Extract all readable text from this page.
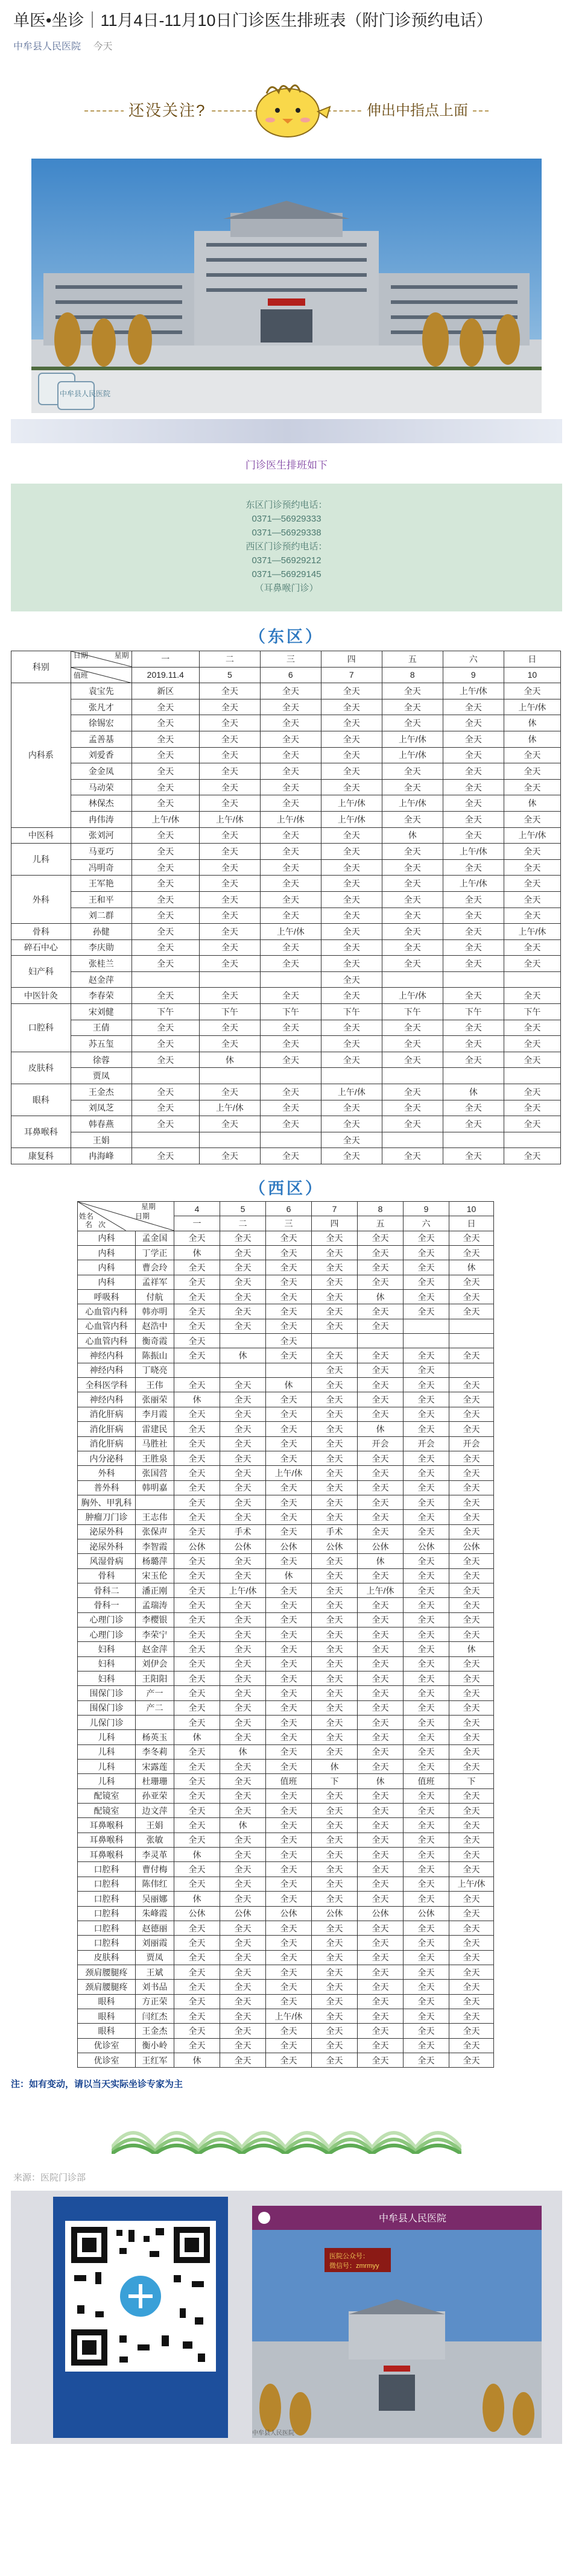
单医•坐诊｜11月4日-11月10日门诊医生排班表（附门诊预约电话）
中牟县人民医院 今天
还没关注?	伸出中指点上面
中牟县人民医院
门诊医生排班如下
东区门诊预约电话：
0371—56929333
0371—56929338
西区门诊预约电话：
0371—56929212
0371—56929145
（耳鼻喉门诊）
（东区）
科别	日期 星期	一	二	三	四	五	六	日

	值班	2019.11.4	5	6	7	8	9	10
内科系	袁宝先	新区	全天	全天	全天	全天	上午/休	全天
	张凡才	全天	全天	全天	全天	全天	全天	上午/休
	徐锡宏	全天	全天	全天	全天	全天	全天	休
	孟善基	全天	全天	全天	全天	上午/休	全天	休
	刘爱香	全天	全天	全天	全天	上午/休	全天	全天
	金金凤	全天	全天	全天	全天	全天	全天	全天
	马动荣	全天	全天	全天	全天	全天	全天	全天
	林保杰	全天	全天	全天	上午/休	上午/休	全天	休
	冉伟涛	上午/休	上午/休	上午/休	上午/休	全天	全天	全天
中医科	张刘河	全天	全天	全天	全天	休	全天	上午/休
儿科	马亚巧	全天	全天	全天	全天	全天	上午/休	全天
	冯明奇	全天	全天	全天	全天	全天	全天	全天
外科	王军艳	全天	全天	全天	全天	全天	上午/休	全天
	王和平	全天	全天	全天	全天	全天	全天	全天
	刘二群	全天	全天	全天	全天	全天	全天	全天
骨科	孙健	全天	全天	上午/休	全天	全天	全天	上午/休
碎石中心	李庆勋	全天	全天	全天	全天	全天	全天	全天
妇产科	张桂兰	全天	全天	全天	全天	全天	全天	全天
	赵金萍				全天			
中医针灸	李春荣	全天	全天	全天	全天	上午/休	全天	全天
口腔科	宋刘健	下午	下午	下午	下午	下午	下午	下午
	王倩	全天	全天	全天	全天	全天	全天	全天
	苏五玺	全天	全天	全天	全天	全天	全天	全天
皮肤科	徐蓉	全天	休	全天	全天	全天	全天	全天
	贾凤							
眼科	王金杰	全天	全天	全天	上午/休	全天	休	全天
	刘凤芝	全天	上午/休	全天	全天	全天	全天	全天
耳鼻喉科	韩春燕	全天	全天	全天	全天	全天	全天	全天
	王娟				全天			
康复科	冉海峰	全天	全天	全天	全天	全天	全天	全天
（西区）
星期
日期
姓名
次
名		4	5	6	7	8	9	10
		一	二	三	四	五	六	日
内科	孟金国	全天	全天	全天	全天	全天	全天	全天
内科	丁学正	休	全天	全天	全天	全天	全天	全天
内科	曹会玲	全天	全天	全天	全天	全天	全天	休
内科	孟祥军	全天	全天	全天	全天	全天	全天	全天
呼吸科	付航	全天	全天	全天	全天	休	全天	全天
心血管内科	韩亦明	全天	全天	全天	全天	全天	全天	全天
心血管内科	赵浩中	全天	全天	全天	全天	全天		
心血管内科	衡奇霞	全天		全天				
神经内科	陈振山	全天	休	全天	全天	全天	全天	全天
神经内科	丁晓亮				全天	全天	全天	
全科医学科	王伟	全天	全天	休	全天	全天	全天	全天
神经内科	张丽荣	休	全天	全天	全天	全天	全天	全天
消化肝病	李月霞	全天	全天	全天	全天	全天	全天	全天
消化肝病	雷建民	全天	全天	全天	全天	休	全天	全天
消化肝病	马胜社	全天	全天	全天	全天	开会	开会	开会
内分泌科	王胜泉	全天	全天	全天	全天	全天	全天	全天
外科	张国营	全天	全天	上午/休	全天	全天	全天	全天
普外科	韩明嘉	全天	全天	全天	全天	全天	全天	全天
胸外、甲乳科		全天	全天	全天	全天	全天	全天	全天
肿瘤刀门诊	王志伟	全天	全天	全天	全天	全天	全天	全天
泌尿外科	张保声	全天	手术	全天	手术	全天	全天	全天
泌尿外科	李智霞	公休	公休	公休	公休	公休	公休	公休
风湿骨病	杨璐萍	全天	全天	全天	全天	休	全天	全天
骨科	宋玉伦	全天	全天	休	全天	全天	全天	全天
骨科二	潘正刚	全天	上午/休	全天	全天	上午/休	全天	全天
骨科一	孟瑞涛	全天	全天	全天	全天	全天	全天	全天
心理门诊	李樱银	全天	全天	全天	全天	全天	全天	全天
心理门诊	李荣宁	全天	全天	全天	全天	全天	全天	全天
妇科	赵金萍	全天	全天	全天	全天	全天	全天	休
妇科	刘伊会	全天	全天	全天	全天	全天	全天	全天
妇科	王阳阳	全天	全天	全天	全天	全天	全天	全天
围保门诊	产一	全天	全天	全天	全天	全天	全天	全天
围保门诊	产二	全天	全天	全天	全天	全天	全天	全天
儿保门诊		全天	全天	全天	全天	全天	全天	全天
儿科	杨英玉	休	全天	全天	全天	全天	全天	全天
儿科	李冬莉	全天	休	全天	全天	全天	全天	全天
儿科	宋露莲	全天	全天	全天	休	全天	全天	全天
儿科	杜珊珊	全天	全天	值班	下	休	值班	下
配镜室	孙亚荣	全天	全天	全天	全天	全天	全天	全天
配镜室	边文萍	全天	全天	全天	全天	全天	全天	全天
耳鼻喉科	王娟	全天	休	全天	全天	全天	全天	全天
耳鼻喉科	张敏	全天	全天	全天	全天	全天	全天	全天
耳鼻喉科	李灵革	休	全天	全天	全天	全天	全天	全天
口腔科	曹付梅	全天	全天	全天	全天	全天	全天	全天
口腔科	陈伟红	全天	全天	全天	全天	全天	全天	上午/休
口腔科	吴丽娜	休	全天	全天	全天	全天	全天	全天
口腔科	朱峰霞	公休	公休	公休	公休	公休	公休	全天
口腔科	赵德丽	全天	全天	全天	全天	全天	全天	全天
口腔科	刘丽霞	全天	全天	全天	全天	全天	全天	全天
皮肤科	贾凤	全天	全天	全天	全天	全天	全天	全天
颈肩腰腿疼	王斌	全天	全天	全天	全天	全天	全天	全天
颈肩腰腿疼	刘书品	全天	全天	全天	全天	全天	全天	全天
眼科	方正荣	全天	全天	全天	全天	全天	全天	全天
眼科	闫红杰	全天	全天	上午/休	全天	全天	全天	全天
眼科	王金杰	全天	全天	全天	全天	全天	全天	全天
优诊室	衡小岭	全天	全天	全天	全天	全天	全天	全天
优诊室	王红军	休	全天	全天	全天	全天	全天	全天
注：如有变动，请以当天实际坐诊专家为主
来源：医院门诊部
中牟县人民医院
医院公众号：
微信号：zmrmyy
中牟县人民医院
